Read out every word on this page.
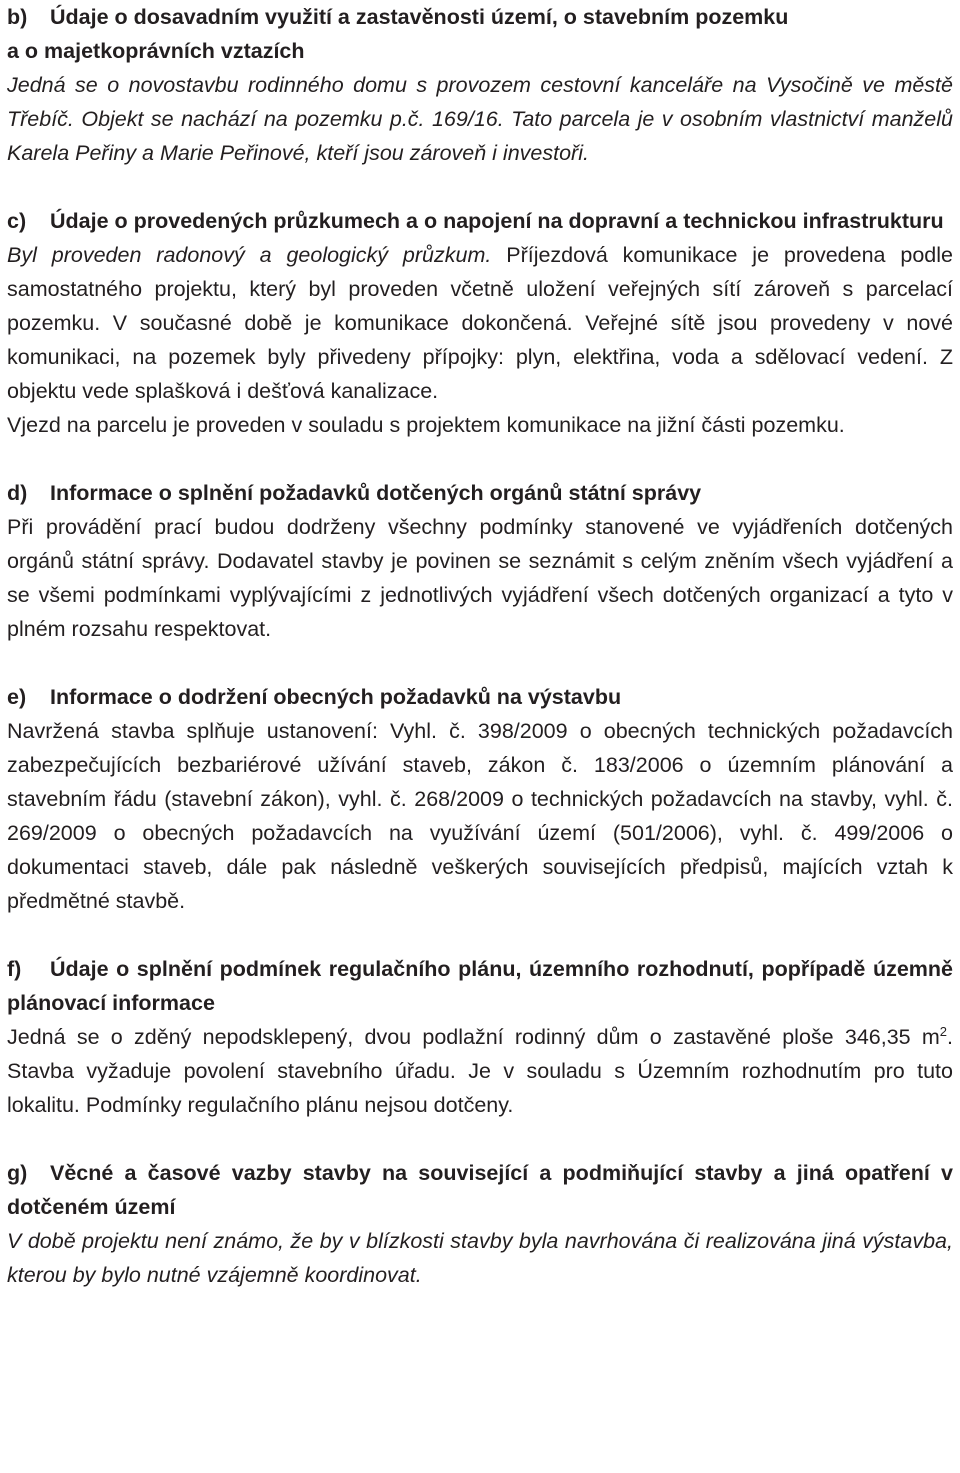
b) Údaje o dosavadním využití a zastavěnosti území, o stavebním pozemku
a o majetkoprávních vztazích

Jedná se o novostavbu rodinného domu s provozem cestovní kanceláře na Vysočině ve městě Třebíč. Objekt se nachází na pozemku p.č. 169/16. Tato parcela je v osobním vlastnictví manželů Karela Peřiny a Marie Peřinové, kteří jsou zároveň i investoři.

c) Údaje o provedených průzkumech a o napojení na dopravní a technickou infrastrukturu

Byl proveden radonový a geologický průzkum. Příjezdová komunikace je provedena podle samostatného projektu, který byl proveden včetně uložení veřejných sítí zároveň s parcelací pozemku. V současné době je komunikace dokončená. Veřejné sítě jsou provedeny v nové komunikaci, na pozemek byly přivedeny přípojky: plyn, elektřina, voda a sdělovací vedení. Z objektu vede splašková i dešťová kanalizace.

Vjezd na parcelu je proveden v souladu s projektem komunikace na jižní části pozemku.

d) Informace o splnění požadavků dotčených orgánů státní správy

Při provádění prací budou dodrženy všechny podmínky stanovené ve vyjádřeních dotčených orgánů státní správy. Dodavatel stavby je povinen se seznámit s celým zněním všech vyjádření a se všemi podmínkami vyplývajícími z jednotlivých vyjádření všech dotčených organizací a tyto v plném rozsahu respektovat.

e) Informace o dodržení obecných požadavků na výstavbu

Navržená stavba splňuje ustanovení: Vyhl. č. 398/2009 o obecných technických požadavcích zabezpečujících bezbariérové užívání staveb, zákon č. 183/2006 o územním plánování a stavebním řádu (stavební zákon), vyhl. č. 268/2009 o technických požadavcích na stavby, vyhl. č. 269/2009 o obecných požadavcích na využívání území (501/2006), vyhl. č. 499/2006 o dokumentaci staveb, dále pak následně veškerých souvisejících předpisů, majících vztah k předmětné stavbě.

f) Údaje o splnění podmínek regulačního plánu, územního rozhodnutí, popřípadě územně plánovací informace

Jedná se o zděný nepodsklepený, dvou podlažní rodinný dům o zastavěné ploše 346,35 $m^2$. Stavba vyžaduje povolení stavebního úřadu. Je v souladu s Územním rozhodnutím pro tuto lokalitu. Podmínky regulačního plánu nejsou dotčeny.

g) Věcné a časové vazby stavby na související a podmiňující stavby a jiná opatření v dotčeném území

V době projektu není známo, že by v blízkosti stavby byla navrhována či realizována jiná výstavba, kterou by bylo nutné vzájemně koordinovat.
